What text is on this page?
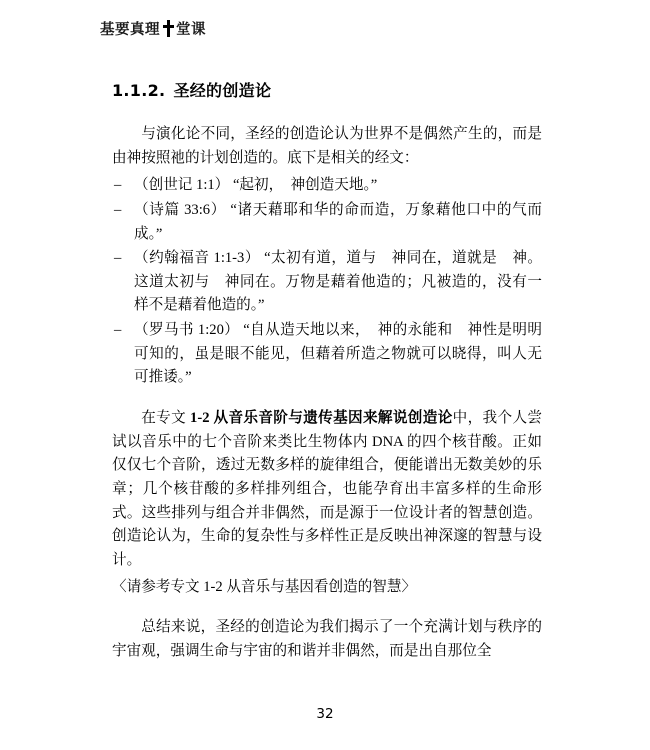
基要真理 堂课
1.1.2. 圣经的创造论

与演化论不同，圣经的创造论认为世界不是偶然产生的，而是由神按照祂的计划创造的。底下是相关的经文：

– （创世记 1:1） “起初，　神创造天地。”
– （诗篇 33:6） “诸天藉耶和华的命而造，万象藉他口中的气而成。”
– （约翰福音 1:1-3） “太初有道，道与　神同在，道就是　神。这道太初与　神同在。万物是藉着他造的；凡被造的，没有一样不是藉着他造的。”
– （罗马书 1:20） “自从造天地以来，　神的永能和　神性是明明可知的，虽是眼不能见，但藉着所造之物就可以晓得，叫人无可推诿。”

在专文 1-2 从音乐音阶与遗传基因来解说创造论中，我个人尝试以音乐中的七个音阶来类比生物体内 DNA 的四个核苷酸。正如仅仅七个音阶，透过无数多样的旋律组合，便能谱出无数美妙的乐章；几个核苷酸的多样排列组合，也能孕育出丰富多样的生命形式。这些排列与组合并非偶然，而是源于一位设计者的智慧创造。创造论认为，生命的复杂性与多样性正是反映出神深邃的智慧与设计。

〈请参考专文 1-2 从音乐与基因看创造的智慧〉

总结来说，圣经的创造论为我们揭示了一个充满计划与秩序的宇宙观，强调生命与宇宙的和谐并非偶然，而是出自那位全

32
